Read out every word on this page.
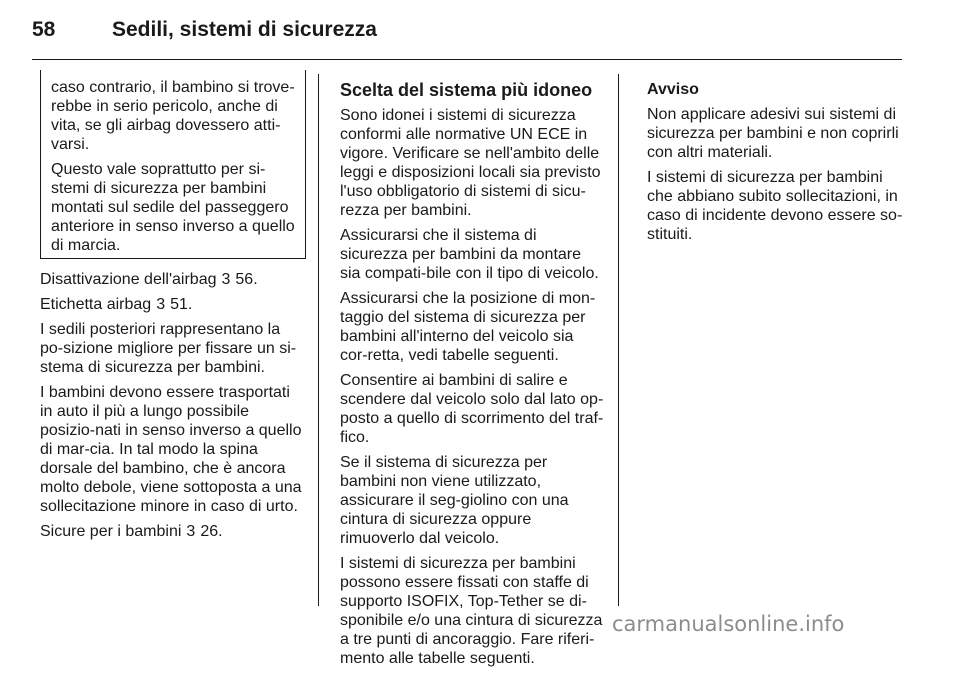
58	Sedili, sistemi di sicurezza

caso contrario, il bambino si trove-rebbe in serio pericolo, anche di vita, se gli airbag dovessero atti-varsi.

Questo vale soprattutto per si-stemi di sicurezza per bambini montati sul sedile del passeggero anteriore in senso inverso a quello di marcia.

Disattivazione dell'airbag 3 56.

Etichetta airbag 3 51.

I sedili posteriori rappresentano la po-sizione migliore per fissare un si-stema di sicurezza per bambini.

I bambini devono essere trasportati in auto il più a lungo possibile posizio-nati in senso inverso a quello di mar-cia. In tal modo la spina dorsale del bambino, che è ancora molto debole, viene sottoposta a una sollecitazione minore in caso di urto.

Sicure per i bambini 3 26.

Scelta del sistema più idoneo

Sono idonei i sistemi di sicurezza conformi alle normative UN ECE in vigore. Verificare se nell'ambito delle leggi e disposizioni locali sia previsto l'uso obbligatorio di sistemi di sicu-rezza per bambini.

Assicurarsi che il sistema di sicurezza per bambini da montare sia compati-bile con il tipo di veicolo.

Assicurarsi che la posizione di mon-taggio del sistema di sicurezza per bambini all'interno del veicolo sia cor-retta, vedi tabelle seguenti.

Consentire ai bambini di salire e scendere dal veicolo solo dal lato op-posto a quello di scorrimento del traf-fico.

Se il sistema di sicurezza per bambini non viene utilizzato, assicurare il seg-giolino con una cintura di sicurezza oppure rimuoverlo dal veicolo.

I sistemi di sicurezza per bambini possono essere fissati con staffe di supporto ISOFIX, Top-Tether se di-sponibile e/o una cintura di sicurezza a tre punti di ancoraggio. Fare riferi-mento alle tabelle seguenti.

Avviso

Non applicare adesivi sui sistemi di sicurezza per bambini e non coprirli con altri materiali.

I sistemi di sicurezza per bambini che abbiano subito sollecitazioni, in caso di incidente devono essere so-stituiti.

carmanualsonline.info
